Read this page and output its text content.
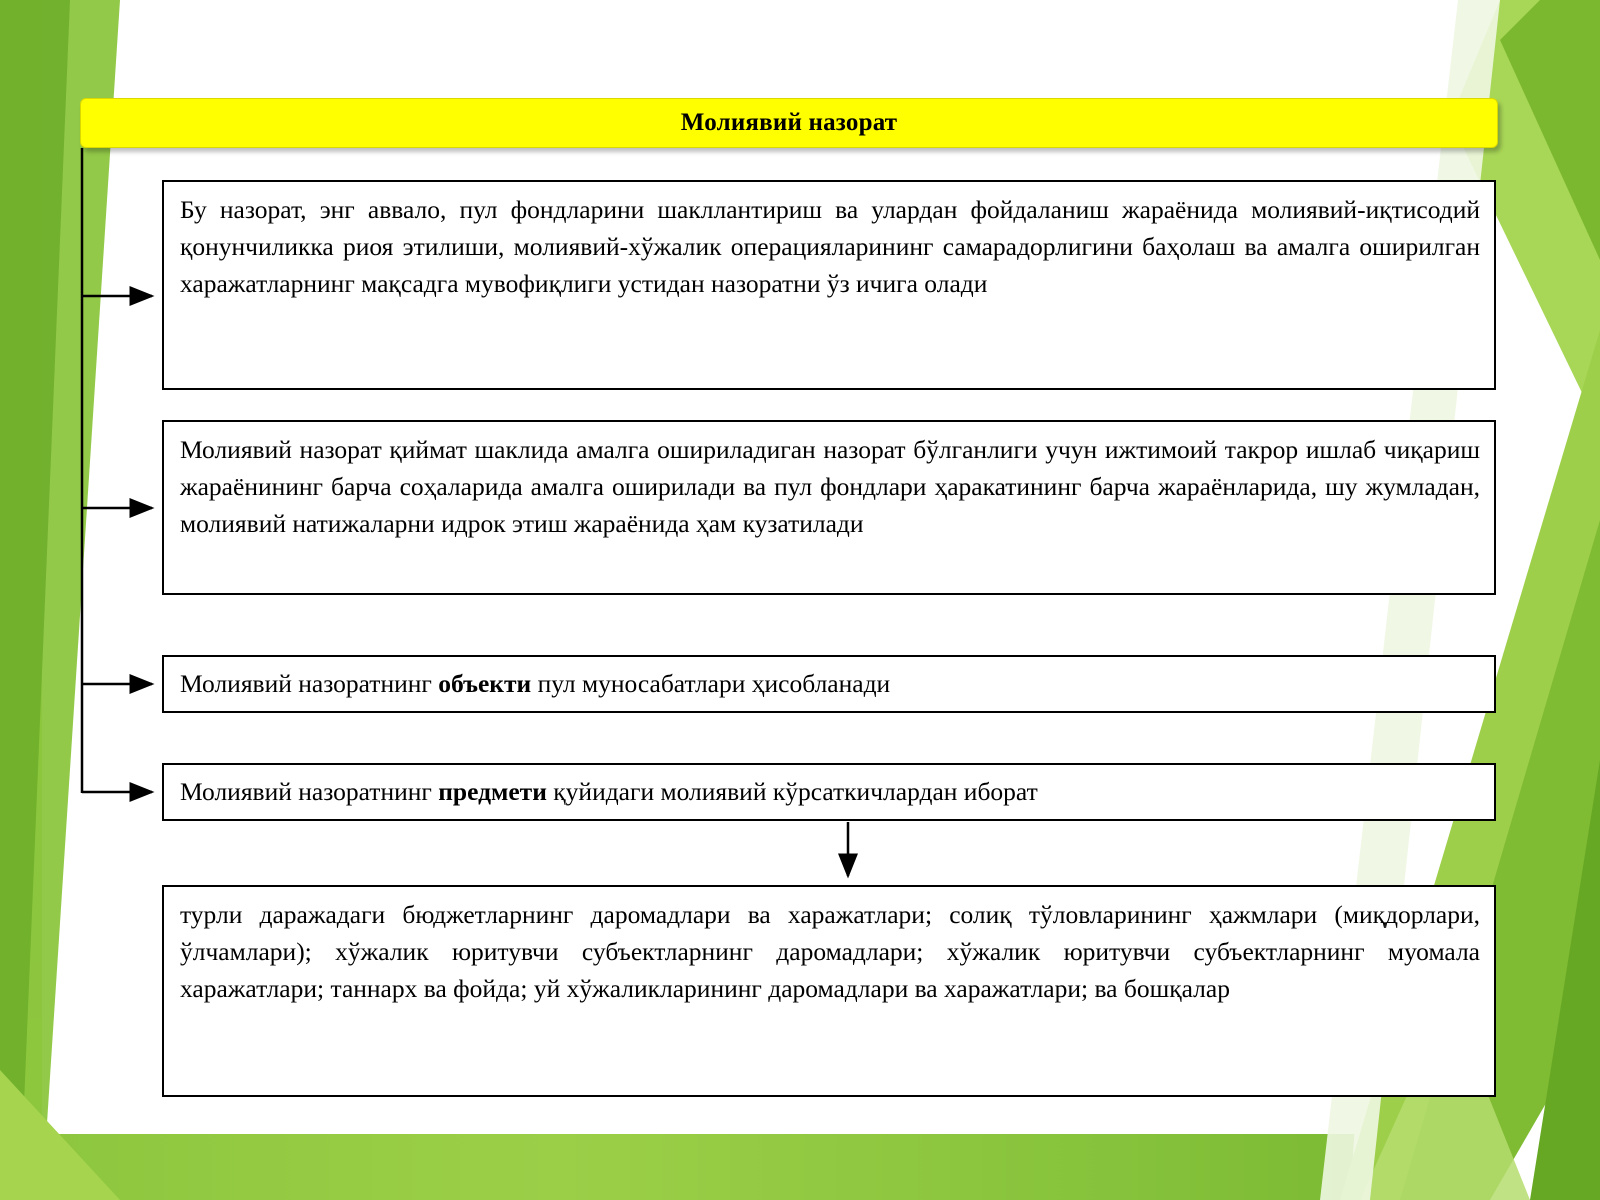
Молиявий назорат

Бу назорат, энг аввало, пул фондларини шакллантириш ва улардан фойдаланиш жараёнида молиявий-иқтисодий қонунчиликка риоя этилиши, молиявий-хўжалик операцияларининг самарадорлигини баҳолаш ва амалга оширилган харажатларнинг мақсадга мувофиқлиги устидан назоратни ўз ичига олади

Молиявий назорат қиймат шаклида амалга ошириладиган назорат бўлганлиги учун ижтимоий такрор ишлаб чиқариш жараёнининг барча соҳаларида амалга оширилади ва пул фондлари ҳаракатининг барча жараёнларида, шу жумладан, молиявий натижаларни идрок этиш жараёнида ҳам кузатилади

Молиявий назоратнинг объекти пул муносабатлари ҳисобланади

Молиявий назоратнинг предмети қуйидаги молиявий кўрсаткичлардан иборат

турли даражадаги бюджетларнинг даромадлари ва харажатлари; солиқ тўловларининг ҳажмлари (миқдорлари, ўлчамлари); хўжалик юритувчи субъектларнинг даромадлари; хўжалик юритувчи субъектларнинг муомала харажатлари; таннарх ва фойда; уй хўжаликларининг даромадлари ва харажатлари; ва бошқалар
